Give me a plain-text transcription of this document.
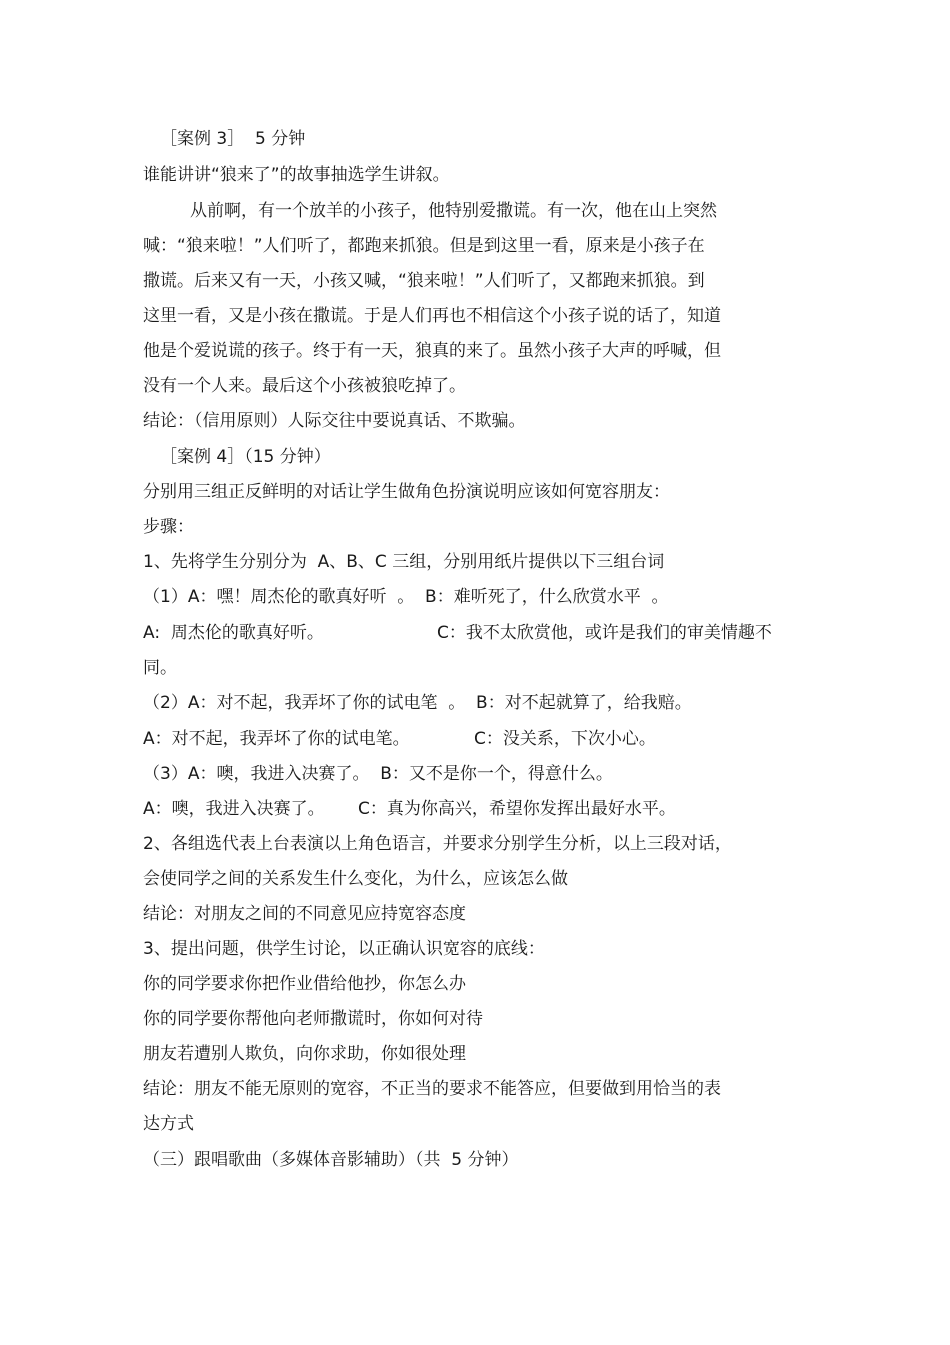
［案例 3］  5 分钟
谁能讲讲“狼来了”的故事抽选学生讲叙。
从前啊，有一个放羊的小孩子，他特别爱撒谎。有一次，他在山上突然
喊：“狼来啦！”人们听了，都跑来抓狼。但是到这里一看，原来是小孩子在
撒谎。后来又有一天，小孩又喊，“狼来啦！”人们听了，又都跑来抓狼。到
这里一看，又是小孩在撒谎。于是人们再也不相信这个小孩子说的话了，知道
他是个爱说谎的孩子。终于有一天，狼真的来了。虽然小孩子大声的呼喊，但
没有一个人来。最后这个小孩被狼吃掉了。
结论：（信用原则）人际交往中要说真话、不欺骗。
［案例 4］（15 分钟）
分别用三组正反鲜明的对话让学生做角色扮演说明应该如何宽容朋友：
步骤：
1、先将学生分别分为  A、B、C 三组，分别用纸片提供以下三组台词
（1）A：嘿！周杰伦的歌真好听  。  B：难听死了，什么欣赏水平  。
A:  周杰伦的歌真好听。	C：我不太欣赏他，或许是我们的审美情趣不
同。
（2）A：对不起，我弄坏了你的试电笔  。  B：对不起就算了，给我赔。
A：对不起，我弄坏了你的试电笔。	C：没关系，下次小心。
（3）A：噢，我进入决赛了。  B：又不是你一个，得意什么。
A：噢，我进入决赛了。 C：真为你高兴，希望你发挥出最好水平。
2、各组选代表上台表演以上角色语言，并要求分别学生分析，以上三段对话，
会使同学之间的关系发生什么变化，为什么，应该怎么做
结论：对朋友之间的不同意见应持宽容态度
3、提出问题，供学生讨论，以正确认识宽容的底线：
你的同学要求你把作业借给他抄，你怎么办
你的同学要你帮他向老师撒谎时，你如何对待
朋友若遭别人欺负，向你求助，你如很处理
结论：朋友不能无原则的宽容，不正当的要求不能答应，但要做到用恰当的表
达方式
（三）跟唱歌曲（多媒体音影辅助）（共  5 分钟）
